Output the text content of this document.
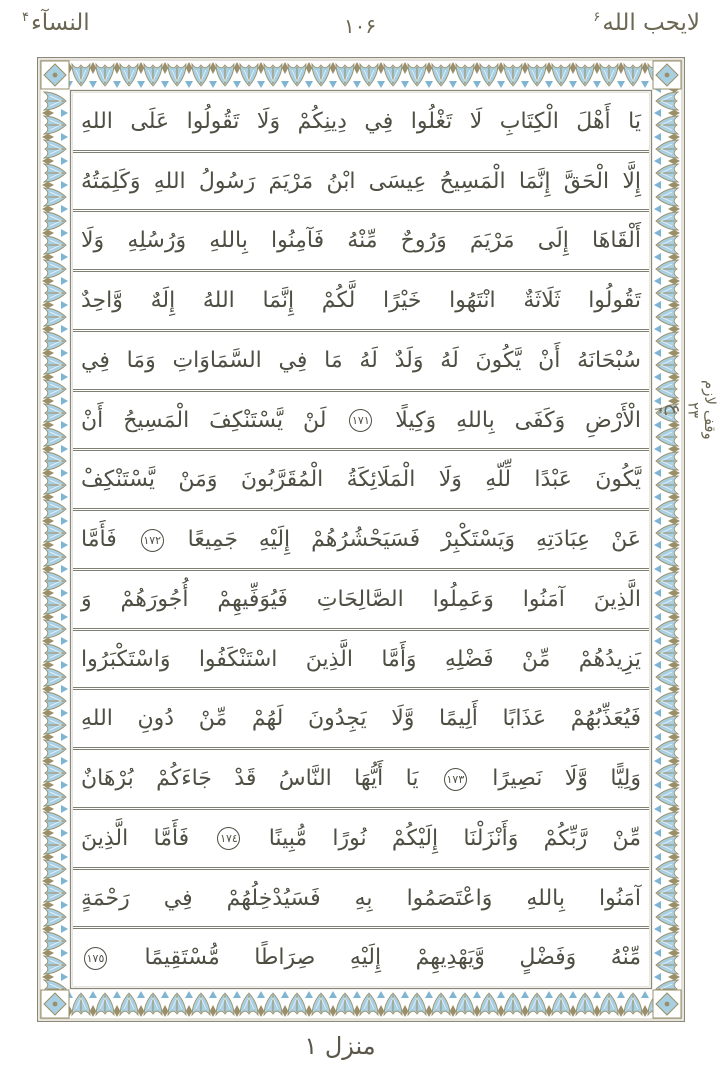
لايحب الله$^۶$
۱۰۶
النسآء$^۴$
يَا أَهْلَ الْكِتَابِ لَا تَغْلُوا فِي دِينِكُمْ وَلَا تَقُولُوا عَلَى اللهِ
إِلَّا الْحَقَّ إِنَّمَا الْمَسِيحُ عِيسَى ابْنُ مَرْيَمَ رَسُولُ اللهِ وَكَلِمَتُهُ
أَلْقَاهَا إِلَى مَرْيَمَ وَرُوحٌ مِّنْهُ فَآمِنُوا بِاللهِ وَرُسُلِهِ وَلَا
تَقُولُوا ثَلَاثَةٌ انْتَهُوا خَيْرًا لَّكُمْ إِنَّمَا اللهُ إِلَهٌ وَّاحِدٌ
سُبْحَانَهُ أَنْ يَّكُونَ لَهُ وَلَدٌ لَهُ مَا فِي السَّمَاوَاتِ وَمَا فِي
الْأَرْضِ وَكَفَى بِاللهِ وَكِيلًا ١٧١ لَنْ يَّسْتَنْكِفَ الْمَسِيحُ أَنْ
يَّكُونَ عَبْدًا لِّلّهِ وَلَا الْمَلَائِكَةُ الْمُقَرَّبُونَ وَمَنْ يَّسْتَنْكِفْ
عَنْ عِبَادَتِهِ وَيَسْتَكْبِرْ فَسَيَحْشُرُهُمْ إِلَيْهِ جَمِيعًا ١٧٢ فَأَمَّا
الَّذِينَ آمَنُوا وَعَمِلُوا الصَّالِحَاتِ فَيُوَفِّيهِمْ أُجُورَهُمْ وَ
يَزِيدُهُمْ مِّنْ فَضْلِهِ وَأَمَّا الَّذِينَ اسْتَنْكَفُوا وَاسْتَكْبَرُوا
فَيُعَذِّبُهُمْ عَذَابًا أَلِيمًا وَّلَا يَجِدُونَ لَهُمْ مِّنْ دُونِ اللهِ
وَلِيًّا وَّلَا نَصِيرًا ١٧٣ يَا أَيُّهَا النَّاسُ قَدْ جَاءَكُمْ بُرْهَانٌ
مِّنْ رَّبِّكُمْ وَأَنْزَلْنَا إِلَيْكُمْ نُورًا مُّبِينًا ١٧٤ فَأَمَّا الَّذِينَ
آمَنُوا بِاللهِ وَاعْتَصَمُوا بِهِ فَسَيُدْخِلُهُمْ فِي رَحْمَةٍ
مِّنْهُ وَفَضْلٍ وَّيَهْدِيهِمْ إِلَيْهِ صِرَاطًا مُّسْتَقِيمًا ١٧٥
وقف لازم
٢٣
ع
٣
منزل ١
